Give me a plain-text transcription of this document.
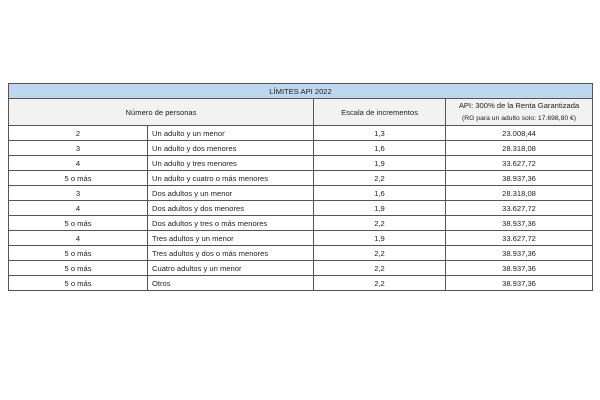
LÍMITES API 2022			
Número de personas		Escala de incrementos	API: 300% de la Renta Garantizada
(RG para un adulto solo: 17.698,80 €)

2	Un adulto y un menor	1,3	23.008,44
3	Un adulto y dos menores	1,6	28.318,08
4	Un adulto y tres menores	1,9	33.627,72
5 o más	Un adulto y cuatro o más menores	2,2	38.937,36
3	Dos adultos y un menor	1,6	28.318,08
4	Dos adultos y dos menores	1,9	33.627,72
5 o más	Dos adultos y tres o más menores	2,2	38.937,36
4	Tres adultos y un menor	1,9	33.627,72
5 o más	Tres adultos y dos o más menores	2,2	38.937,36
5 o más	Cuatro adultos y un menor	2,2	38.937,36
5 o más	Otros	2,2	38.937,36
